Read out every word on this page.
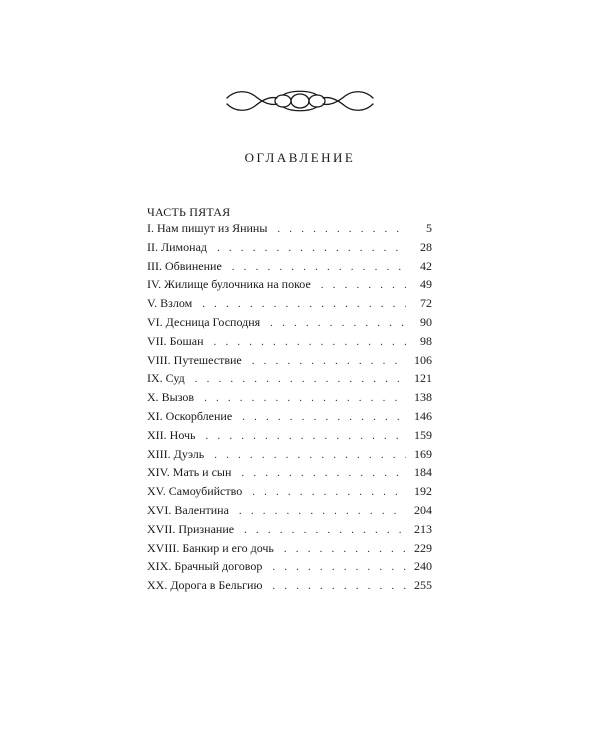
оглавление
ЧАСТЬ ПЯТАЯ
I. Нам пишут из Янины . . .	5
II. Лимонад . . .	28
III. Обвинение . . .	42
IV. Жилище булочника на покое . . .	49
V. Взлом . . .	72
VI. Десница Господня . . .	90
VII. Бошан . . .	98
VIII. Путешествие . . .	106
IX. Суд . . .	121
X. Вызов . . .	138
XI. Оскорбление . . .	146
XII. Ночь . . .	159
XIII. Дуэль . . .	169
XIV. Мать и сын . . .	184
XV. Самоубийство . . .	192
XVI. Валентина . . .	204
XVII. Признание . . .	213
XVIII. Банкир и его дочь . . .	229
XIX. Брачный договор . . .	240
XX. Дорога в Бельгию . . .	255
